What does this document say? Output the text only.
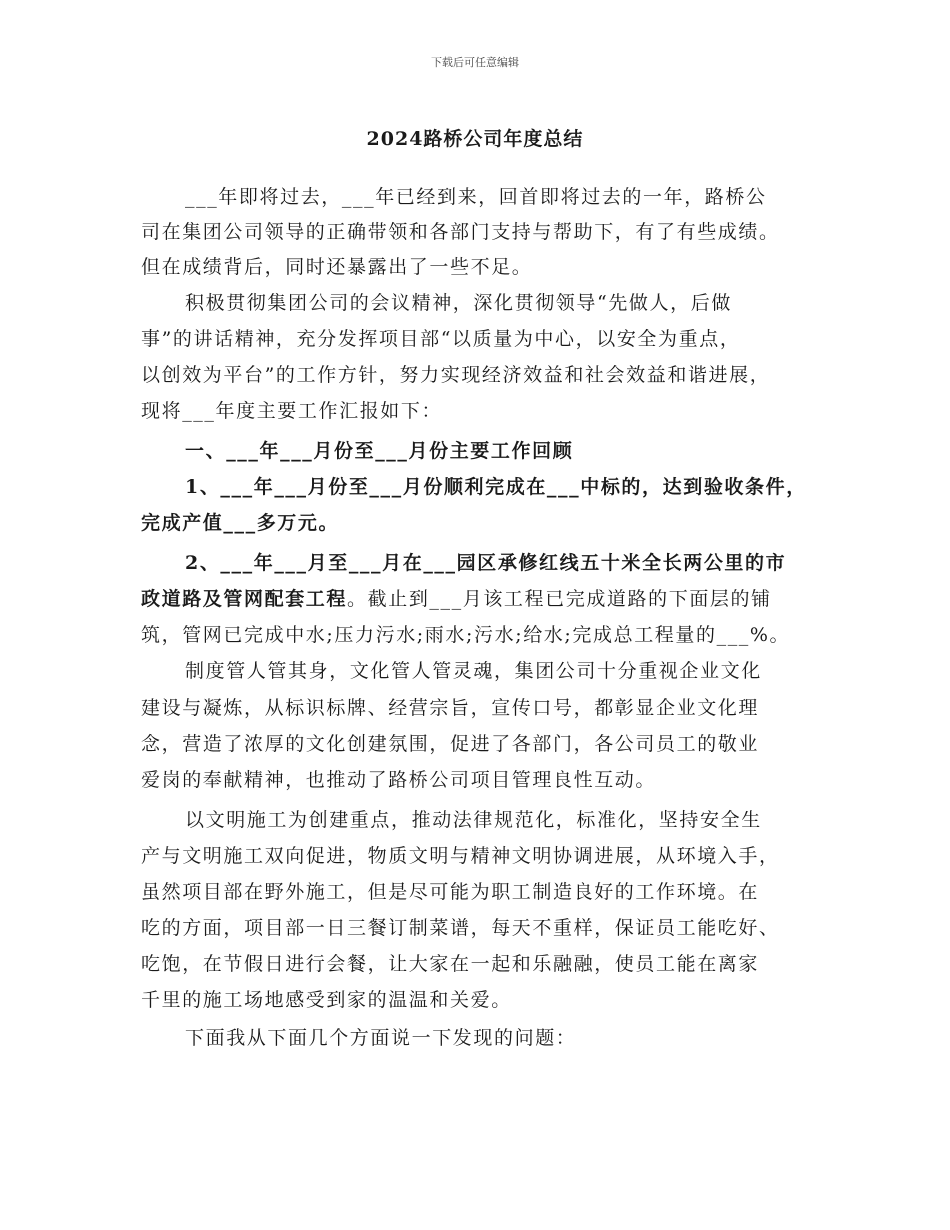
下载后可任意编辑
2024路桥公司年度总结
___年即将过去，___年已经到来，回首即将过去的一年，路桥公
司在集团公司领导的正确带领和各部门支持与帮助下，有了有些成绩。
但在成绩背后，同时还暴露出了一些不足。
积极贯彻集团公司的会议精神，深化贯彻领导“先做人，后做
事”的讲话精神，充分发挥项目部“以质量为中心，以安全为重点，
以创效为平台”的工作方针，努力实现经济效益和社会效益和谐进展，
现将___年度主要工作汇报如下：
一、___年___月份至___月份主要工作回顾
1、___年___月份至___月份顺利完成在___中标的，达到验收条件，
完成产值___多万元。
2、___年___月至___月在___园区承修红线五十米全长两公里的市
政道路及管网配套工程。截止到___月该工程已完成道路的下面层的铺
筑，管网已完成中水;压力污水;雨水;污水;给水;完成总工程量的___%。
制度管人管其身，文化管人管灵魂，集团公司十分重视企业文化
建设与凝炼，从标识标牌、经营宗旨，宣传口号，都彰显企业文化理
念，营造了浓厚的文化创建氛围，促进了各部门，各公司员工的敬业
爱岗的奉献精神，也推动了路桥公司项目管理良性互动。
以文明施工为创建重点，推动法律规范化，标准化，坚持安全生
产与文明施工双向促进，物质文明与精神文明协调进展，从环境入手，
虽然项目部在野外施工，但是尽可能为职工制造良好的工作环境。在
吃的方面，项目部一日三餐订制菜谱，每天不重样，保证员工能吃好、
吃饱，在节假日进行会餐，让大家在一起和乐融融，使员工能在离家
千里的施工场地感受到家的温温和关爱。
下面我从下面几个方面说一下发现的问题：
